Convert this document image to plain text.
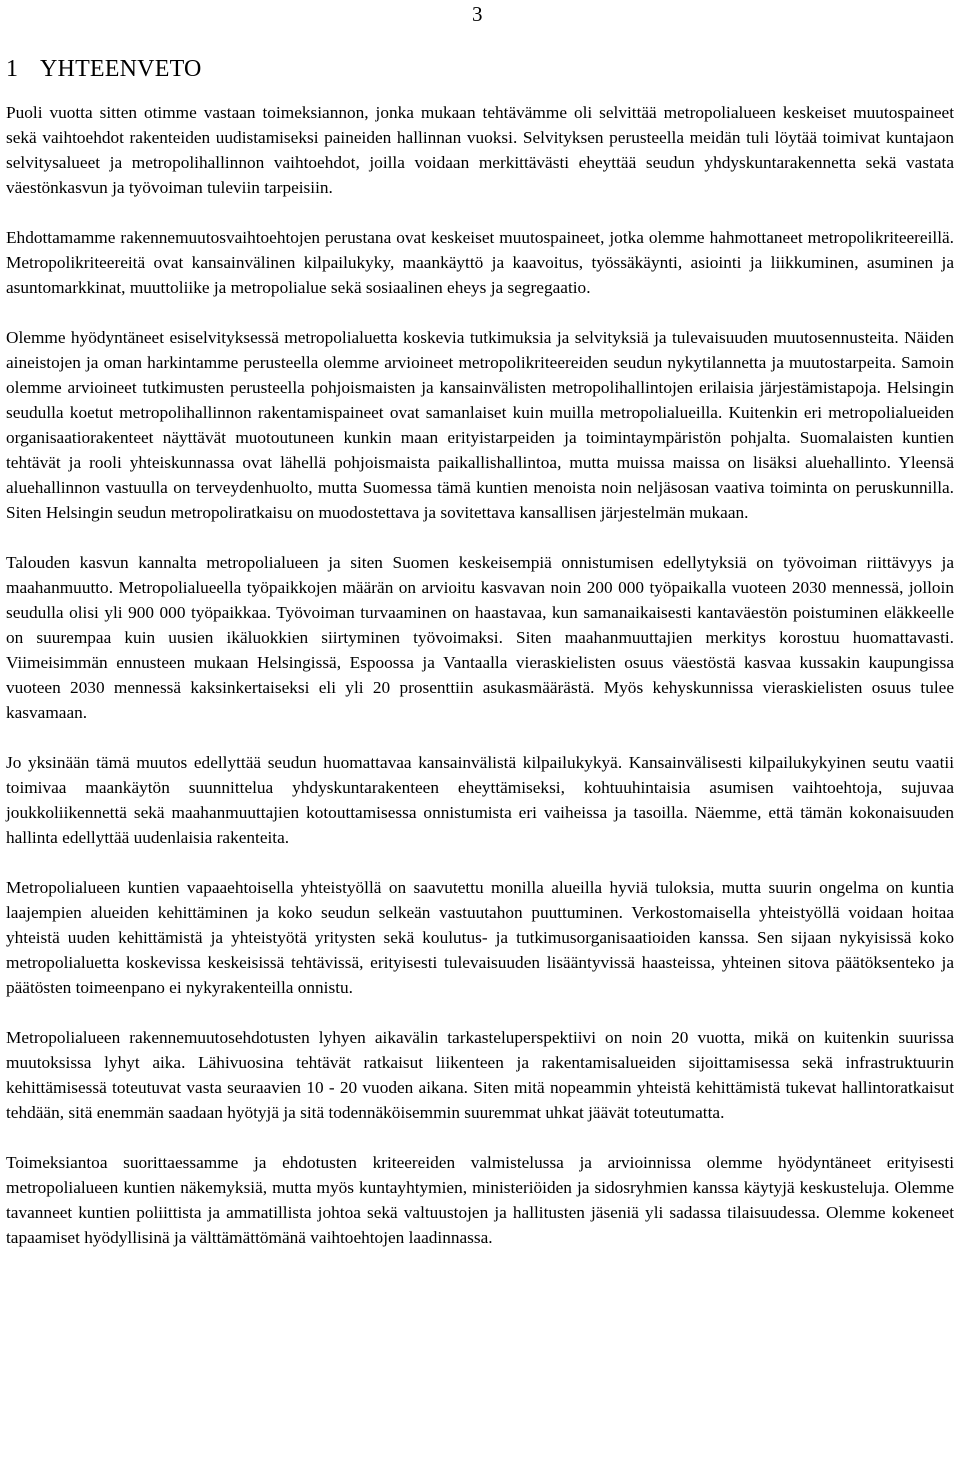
3
1 YHTEENVETO

Puoli vuotta sitten otimme vastaan toimeksiannon, jonka mukaan tehtävämme oli selvittää metropolialueen keskeiset muutospaineet sekä vaihtoehdot rakenteiden uudistamiseksi paineiden hallinnan vuoksi. Selvityksen perusteella meidän tuli löytää toimivat kuntajaon selvitysalueet ja metropolihallinnon vaihtoehdot, joilla voidaan merkittävästi eheyttää seudun yhdyskuntarakennetta sekä vastata väestönkasvun ja työvoiman tuleviin tarpeisiin.

Ehdottamamme rakennemuutosvaihtoehtojen perustana ovat keskeiset muutospaineet, jotka olemme hahmottaneet metropolikriteereillä. Metropolikriteereitä ovat kansainvälinen kilpailukyky, maankäyttö ja kaavoitus, työssäkäynti, asiointi ja liikkuminen, asuminen ja asuntomarkkinat, muuttoliike ja metropolialue sekä sosiaalinen eheys ja segregaatio.

Olemme hyödyntäneet esiselvityksessä metropolialuetta koskevia tutkimuksia ja selvityksiä ja tulevaisuuden muutosennusteita. Näiden aineistojen ja oman harkintamme perusteella olemme arvioineet metropolikriteereiden seudun nykytilannetta ja muutostarpeita. Samoin olemme arvioineet tutkimusten perusteella pohjoismaisten ja kansainvälisten metropolihallintojen erilaisia järjestämistapoja. Helsingin seudulla koetut metropolihallinnon rakentamispaineet ovat samanlaiset kuin muilla metropolialueilla. Kuitenkin eri metropolialueiden organisaatiorakenteet näyttävät muotoutuneen kunkin maan erityistarpeiden ja toimintaympäristön pohjalta. Suomalaisten kuntien tehtävät ja rooli yhteiskunnassa ovat lähellä pohjoismaista paikallishallintoa, mutta muissa maissa on lisäksi aluehallinto. Yleensä aluehallinnon vastuulla on terveydenhuolto, mutta Suomessa tämä kuntien menoista noin neljäsosan vaativa toiminta on peruskunnilla. Siten Helsingin seudun metropoliratkaisu on muodostettava ja sovitettava kansallisen järjestelmän mukaan.

Talouden kasvun kannalta metropolialueen ja siten Suomen keskeisempiä onnistumisen edellytyksiä on työvoiman riittävyys ja maahanmuutto. Metropolialueella työpaikkojen määrän on arvioitu kasvavan noin 200 000 työpaikalla vuoteen 2030 mennessä, jolloin seudulla olisi yli 900 000 työpaikkaa. Työvoiman turvaaminen on haastavaa, kun samanaikaisesti kantaväestön poistuminen eläkkeelle on suurempaa kuin uusien ikäluokkien siirtyminen työvoimaksi. Siten maahanmuuttajien merkitys korostuu huomattavasti. Viimeisimmän ennusteen mukaan Helsingissä, Espoossa ja Vantaalla vieraskielisten osuus väestöstä kasvaa kussakin kaupungissa vuoteen 2030 mennessä kaksinkertaiseksi eli yli 20 prosenttiin asukasmäärästä. Myös kehyskunnissa vieraskielisten osuus tulee kasvamaan.

Jo yksinään tämä muutos edellyttää seudun huomattavaa kansainvälistä kilpailukykyä. Kansainvälisesti kilpailukykyinen seutu vaatii toimivaa maankäytön suunnittelua yhdyskuntarakenteen eheyttämiseksi, kohtuuhintaisia asumisen vaihtoehtoja, sujuvaa joukkoliikennettä sekä maahanmuuttajien kotouttamisessa onnistumista eri vaiheissa ja tasoilla. Näemme, että tämän kokonaisuuden hallinta edellyttää uudenlaisia rakenteita.

Metropolialueen kuntien vapaaehtoisella yhteistyöllä on saavutettu monilla alueilla hyviä tuloksia, mutta suurin ongelma on kuntia laajempien alueiden kehittäminen ja koko seudun selkeän vastuutahon puuttuminen. Verkostomaisella yhteistyöllä voidaan hoitaa yhteistä uuden kehittämistä ja yhteistyötä yritysten sekä koulutus- ja tutkimusorganisaatioiden kanssa. Sen sijaan nykyisissä koko metropolialuetta koskevissa keskeisissä tehtävissä, erityisesti tulevaisuuden lisääntyvissä haasteissa, yhteinen sitova päätöksenteko ja päätösten toimeenpano ei nykyrakenteilla onnistu.

Metropolialueen rakennemuutosehdotusten lyhyen aikavälin tarkasteluperspektiivi on noin 20 vuotta, mikä on kuitenkin suurissa muutoksissa lyhyt aika. Lähivuosina tehtävät ratkaisut liikenteen ja rakentamisalueiden sijoittamisessa sekä infrastruktuurin kehittämisessä toteutuvat vasta seuraavien 10 - 20 vuoden aikana. Siten mitä nopeammin yhteistä kehittämistä tukevat hallintoratkaisut tehdään, sitä enemmän saadaan hyötyjä ja sitä todennäköisemmin suuremmat uhkat jäävät toteutumatta.

Toimeksiantoa suorittaessamme ja ehdotusten kriteereiden valmistelussa ja arvioinnissa olemme hyödyntäneet erityisesti metropolialueen kuntien näkemyksiä, mutta myös kuntayhtymien, ministeriöiden ja sidosryhmien kanssa käytyjä keskusteluja. Olemme tavanneet kuntien poliittista ja ammatillista johtoa sekä valtuustojen ja hallitusten jäseniä yli sadassa tilaisuudessa. Olemme kokeneet tapaamiset hyödyllisinä ja välttämättömänä vaihtoehtojen laadinnassa.
